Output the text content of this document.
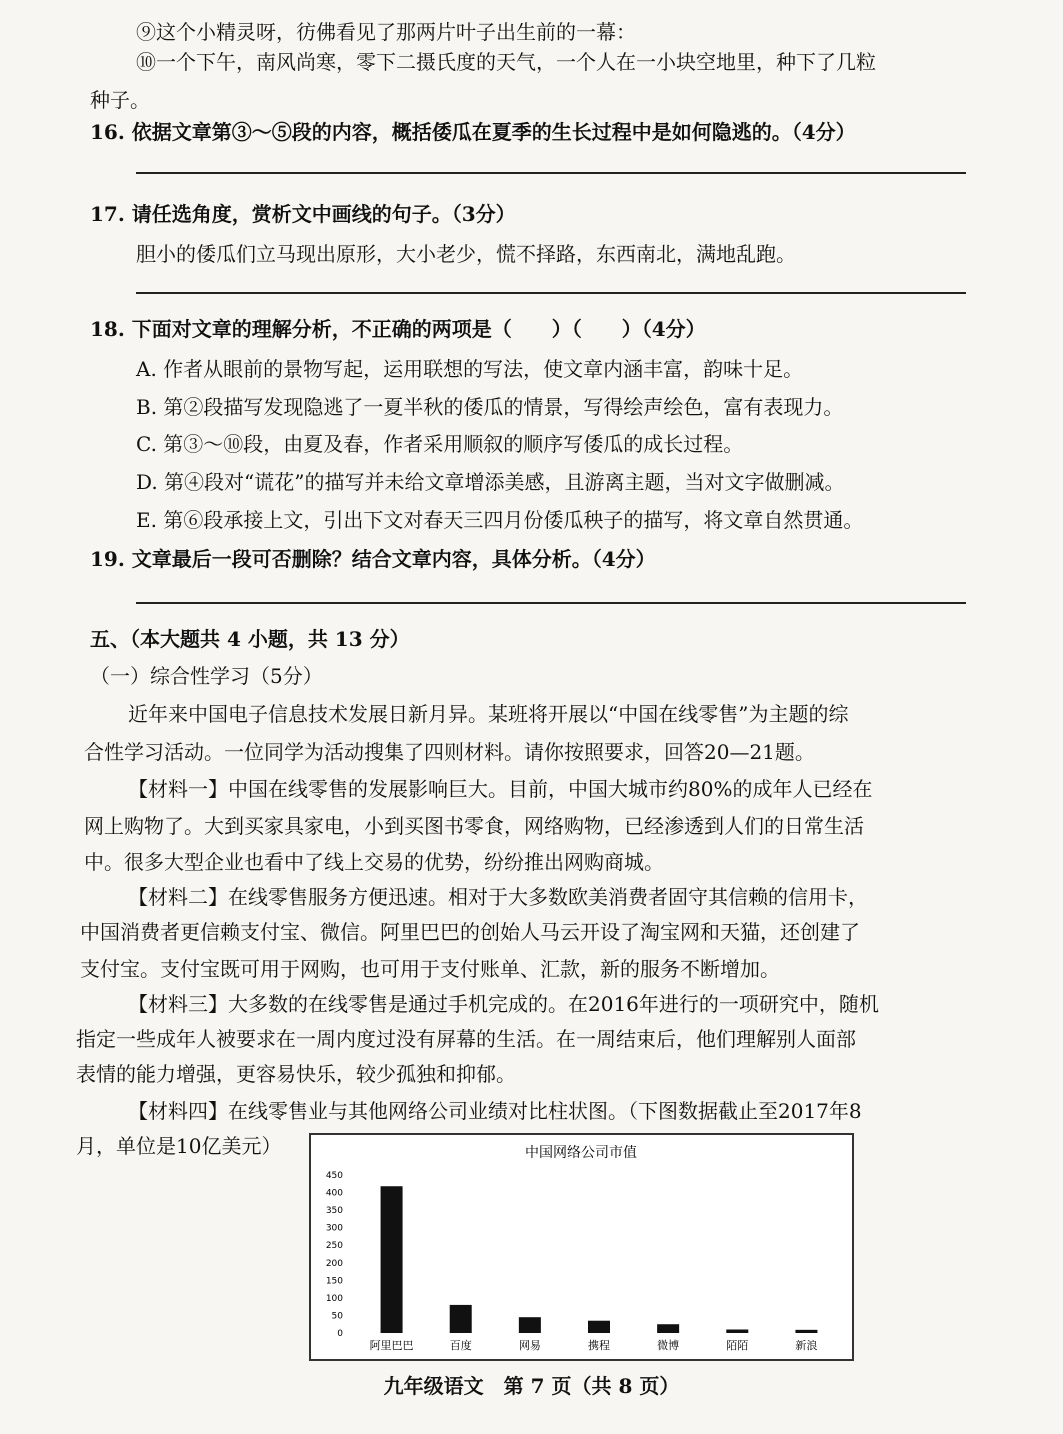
⑨这个小精灵呀，彷佛看见了那两片叶子出生前的一幕：
⑩一个下午，南风尚寒，零下二摄氏度的天气，一个人在一小块空地里，种下了几粒
种子。
16. 依据文章第③～⑤段的内容，概括倭瓜在夏季的生长过程中是如何隐逃的。（4分）
17. 请任选角度，赏析文中画线的句子。（3分）
胆小的倭瓜们立马现出原形，大小老少，慌不择路，东西南北，满地乱跑。
18. 下面对文章的理解分析，不正确的两项是（ ）（ ）（4分）
A. 作者从眼前的景物写起，运用联想的写法，使文章内涵丰富，韵味十足。
B. 第②段描写发现隐逃了一夏半秋的倭瓜的情景，写得绘声绘色，富有表现力。
C. 第③～⑩段，由夏及春，作者采用顺叙的顺序写倭瓜的成长过程。
D. 第④段对“谎花”的描写并未给文章增添美感，且游离主题，当对文字做删减。
E. 第⑥段承接上文，引出下文对春天三四月份倭瓜秧子的描写，将文章自然贯通。
19. 文章最后一段可否删除？结合文章内容，具体分析。（4分）
五、（本大题共 4 小题，共 13 分）
（一）综合性学习（5分）
近年来中国电子信息技术发展日新月异。某班将开展以“中国在线零售”为主题的综
合性学习活动。一位同学为活动搜集了四则材料。请你按照要求，回答20—21题。
【材料一】中国在线零售的发展影响巨大。目前，中国大城市约80%的成年人已经在
网上购物了。大到买家具家电，小到买图书零食，网络购物，已经渗透到人们的日常生活
中。很多大型企业也看中了线上交易的优势，纷纷推出网购商城。
【材料二】在线零售服务方便迅速。相对于大多数欧美消费者固守其信赖的信用卡，
中国消费者更信赖支付宝、微信。阿里巴巴的创始人马云开设了淘宝网和天猫，还创建了
支付宝。支付宝既可用于网购，也可用于支付账单、汇款，新的服务不断增加。
【材料三】大多数的在线零售是通过手机完成的。在2016年进行的一项研究中，随机
指定一些成年人被要求在一周内度过没有屏幕的生活。在一周结束后，他们理解别人面部
表情的能力增强，更容易快乐，较少孤独和抑郁。
【材料四】在线零售业与其他网络公司业绩对比柱状图。（下图数据截止至2017年8
月，单位是10亿美元）	中国网络公司市值
0
50
100
150
200
250
300
350
400
450
阿里巴巴	百度	网易	携程	微博	陌陌	新浪
九年级语文　第 7 页（共 8 页）
